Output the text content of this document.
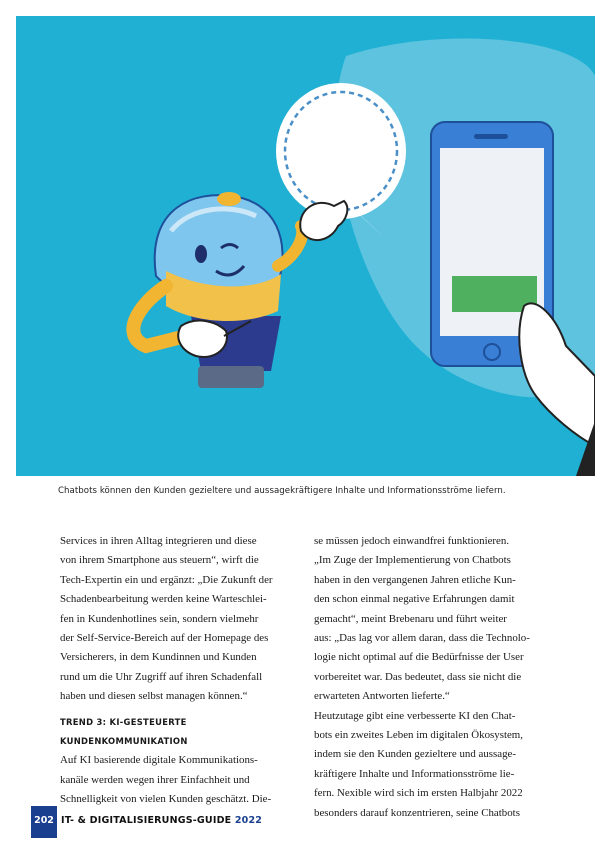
Chatbots können den Kunden gezieltere und aussagekräftigere Inhalte und Informationsströme liefern.

Services in ihren Alltag integrieren und diese

von ihrem Smartphone aus steuern“, wirft die

Tech-Expertin ein und ergänzt: „Die Zukunft der

Schadenbearbeitung werden keine Warteschlei-

fen in Kundenhotlines sein, sondern vielmehr

der Self-Service-Bereich auf der Homepage des

Versicherers, in dem Kundinnen und Kunden

rund um die Uhr Zugriff auf ihren Schadenfall

haben und diesen selbst managen können.“

TREND 3: KI-GESTEUERTE

KUNDENKOMMUNIKATION

Auf KI basierende digitale Kommunikations-

kanäle werden wegen ihrer Einfachheit und

Schnelligkeit von vielen Kunden geschätzt. Die-

se müssen jedoch einwandfrei funktionieren.

„Im Zuge der Implementierung von Chatbots

haben in den vergangenen Jahren etliche Kun-

den schon einmal negative Erfahrungen damit

gemacht“, meint Brebenaru und führt weiter

aus: „Das lag vor allem daran, dass die Technolo-

logie nicht optimal auf die Bedürfnisse der User

vorbereitet war. Das bedeutet, dass sie nicht die

erwarteten Antworten lieferte.“

Heutzutage gibt eine verbesserte KI den Chat-

bots ein zweites Leben im digitalen Ökosystem,

indem sie den Kunden gezieltere und aussage-

kräftigere Inhalte und Informationsströme lie-

fern. Nexible wird sich im ersten Halbjahr 2022

besonders darauf konzentrieren, seine Chatbots

202 IT- & DIGITALISIERUNGS-GUIDE 2022
